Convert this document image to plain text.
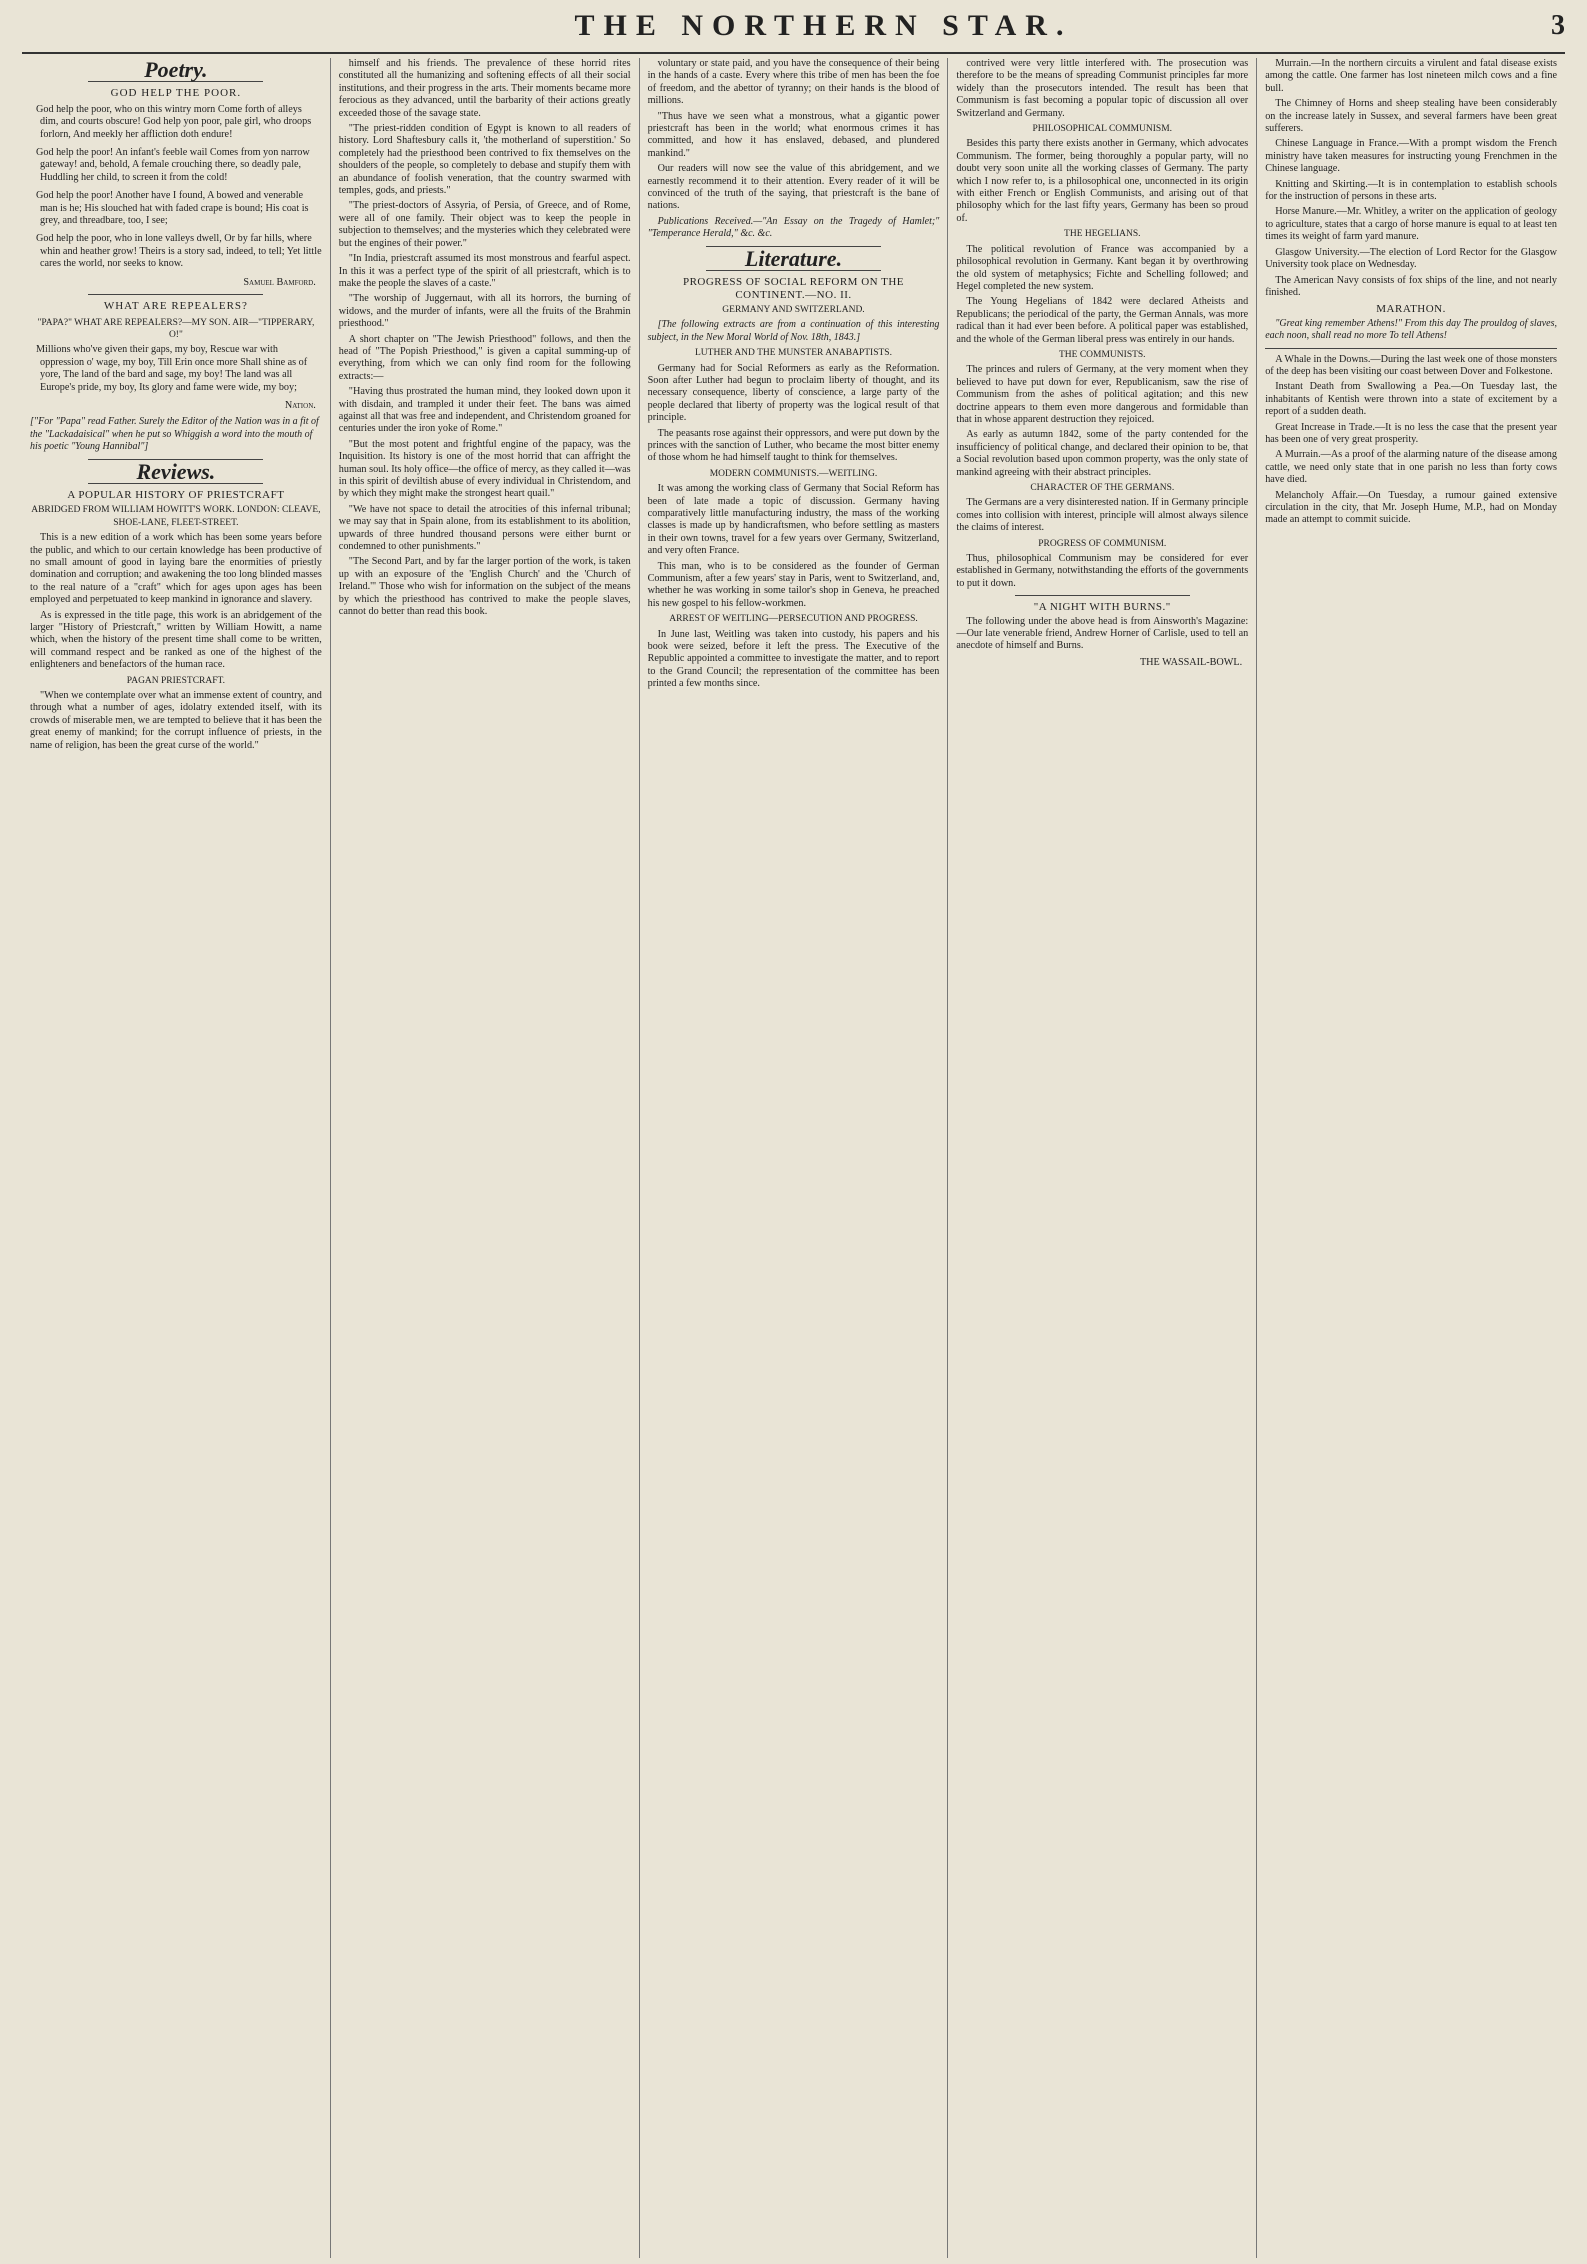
THE NORTHERN STAR.	3
Poetry.
GOD HELP THE POOR.

God help the poor, who on this wintry morn Come forth of alleys dim, and courts obscure! God help yon poor, pale girl, who droops forlorn, And meekly her affliction doth endure!

God help the poor! An infant's feeble wail Comes from yon narrow gateway! and, behold, A female crouching there, so deadly pale, Huddling her child, to screen it from the cold!

God help the poor! Another have I found, A bowed and venerable man is he; His slouched hat with faded crape is bound; His coat is grey, and threadbare, too, I see;

God help the poor, who in lone valleys dwell, Or by far hills, where whin and heather grow! Theirs is a story sad, indeed, to tell; Yet little cares the world, nor seeks to know.

Samuel Bamford.
WHAT ARE REPEALERS?
"PAPA?" WHAT ARE REPEALERS?—MY SON. AIR—"TIPPERARY, O!"

Millions who've given their gaps, my boy, Rescue war with oppression o' wage, my boy, Till Erin once more Shall shine as of yore, The land of the bard and sage, my boy! The land was all Europe's pride, my boy, Its glory and fame were wide, my boy;

Nation.
["For "Papa" read Father. Surely the Editor of the Nation was in a fit of the "Lackadaisical" when he put so Whiggish a word into the mouth of his poetic "Young Hannibal"]
Reviews.
A POPULAR HISTORY OF PRIESTCRAFT
ABRIDGED FROM WILLIAM HOWITT'S WORK. LONDON: CLEAVE, SHOE-LANE, FLEET-STREET.

This is a new edition of a work which has been some years before the public, and which to our certain knowledge has been productive of no small amount of good in laying bare the enormities of priestly domination and corruption; and awakening the too long blinded masses to the real nature of a "craft" which for ages upon ages has been employed and perpetuated to keep mankind in ignorance and slavery.

As is expressed in the title page, this work is an abridgement of the larger "History of Priestcraft," written by William Howitt, a name which, when the history of the present time shall come to be written, will command respect and be ranked as one of the highest of the enlighteners and benefactors of the human race.

PAGAN PRIESTCRAFT.

"When we contemplate over what an immense extent of country, and through what a number of ages, idolatry extended itself, with its crowds of miserable men, we are tempted to believe that it has been the great enemy of mankind; for the corrupt influence of priests, in the name of religion, has been the great curse of the world."

himself and his friends. The prevalence of these horrid rites constituted all the humanizing and softening effects of all their social institutions, and their progress in the arts. Their moments became more ferocious as they advanced, until the barbarity of their actions greatly exceeded those of the savage state.

"The priest-ridden condition of Egypt is known to all readers of history. Lord Shaftesbury calls it, 'the motherland of superstition.' So completely had the priesthood been contrived to fix themselves on the shoulders of the people, so completely to debase and stupify them with an abundance of foolish veneration, that the country swarmed with temples, gods, and priests."

"The priest-doctors of Assyria, of Persia, of Greece, and of Rome, were all of one family. Their object was to keep the people in subjection to themselves; and the mysteries which they celebrated were but the engines of their power."

"In India, priestcraft assumed its most monstrous and fearful aspect. In this it was a perfect type of the spirit of all priestcraft, which is to make the people the slaves of a caste."

"The worship of Juggernaut, with all its horrors, the burning of widows, and the murder of infants, were all the fruits of the Brahmin priesthood."

A short chapter on "The Jewish Priesthood" follows, and then the head of "The Popish Priesthood," is given a capital summing-up of everything, from which we can only find room for the following extracts:—

"Having thus prostrated the human mind, they looked down upon it with disdain, and trampled it under their feet. The bans was aimed against all that was free and independent, and Christendom groaned for centuries under the iron yoke of Rome."

"But the most potent and frightful engine of the papacy, was the Inquisition. Its history is one of the most horrid that can affright the human soul. Its holy office—the office of mercy, as they called it—was in this spirit of deviltish abuse of every individual in Christendom, and by which they might make the strongest heart quail."

"We have not space to detail the atrocities of this infernal tribunal; we may say that in Spain alone, from its establishment to its abolition, upwards of three hundred thousand persons were either burnt or condemned to other punishments."

"The Second Part, and by far the larger portion of the work, is taken up with an exposure of the 'English Church' and the 'Church of Ireland.'" Those who wish for information on the subject of the means by which the priesthood has contrived to make the people slaves, cannot do better than read this book.

voluntary or state paid, and you have the consequence of their being in the hands of a caste. Every where this tribe of men has been the foe of freedom, and the abettor of tyranny; on their hands is the blood of millions.

"Thus have we seen what a monstrous, what a gigantic power priestcraft has been in the world; what enormous crimes it has committed, and how it has enslaved, debased, and plundered mankind."

Our readers will now see the value of this abridgement, and we earnestly recommend it to their attention. Every reader of it will be convinced of the truth of the saying, that priestcraft is the bane of nations.

Publications Received.—"An Essay on the Tragedy of Hamlet;" "Temperance Herald," &c. &c.

Literature.
PROGRESS OF SOCIAL REFORM ON THE CONTINENT.—NO. II.
GERMANY AND SWITZERLAND.

[The following extracts are from a continuation of this interesting subject, in the New Moral World of Nov. 18th, 1843.]

LUTHER AND THE MUNSTER ANABAPTISTS.

Germany had for Social Reformers as early as the Reformation. Soon after Luther had begun to proclaim liberty of thought, and its necessary consequence, liberty of conscience, a large party of the people declared that liberty of property was the logical result of that principle.

The peasants rose against their oppressors, and were put down by the princes with the sanction of Luther, who became the most bitter enemy of those whom he had himself taught to think for themselves.

MODERN COMMUNISTS.—WEITLING.

It was among the working class of Germany that Social Reform has been of late made a topic of discussion. Germany having comparatively little manufacturing industry, the mass of the working classes is made up by handicraftsmen, who before settling as masters in their own towns, travel for a few years over Germany, Switzerland, and very often France.

This man, who is to be considered as the founder of German Communism, after a few years' stay in Paris, went to Switzerland, and, whether he was working in some tailor's shop in Geneva, he preached his new gospel to his fellow-workmen.

ARREST OF WEITLING—PERSECUTION AND PROGRESS.

In June last, Weitling was taken into custody, his papers and his book were seized, before it left the press. The Executive of the Republic appointed a committee to investigate the matter, and to report to the Grand Council; the representation of the committee has been printed a few months since.

contrived were very little interfered with. The prosecution was therefore to be the means of spreading Communist principles far more widely than the prosecutors intended. The result has been that Communism is fast becoming a popular topic of discussion all over Switzerland and Germany.

PHILOSOPHICAL COMMUNISM.

Besides this party there exists another in Germany, which advocates Communism. The former, being thoroughly a popular party, will no doubt very soon unite all the working classes of Germany. The party which I now refer to, is a philosophical one, unconnected in its origin with either French or English Communists, and arising out of that philosophy which for the last fifty years, Germany has been so proud of.

THE HEGELIANS.

The political revolution of France was accompanied by a philosophical revolution in Germany. Kant began it by overthrowing the old system of metaphysics; Fichte and Schelling followed; and Hegel completed the new system.

The Young Hegelians of 1842 were declared Atheists and Republicans; the periodical of the party, the German Annals, was more radical than it had ever been before. A political paper was established, and the whole of the German liberal press was entirely in our hands.

THE COMMUNISTS.

The princes and rulers of Germany, at the very moment when they believed to have put down for ever, Republicanism, saw the rise of Communism from the ashes of political agitation; and this new doctrine appears to them even more dangerous and formidable than that in whose apparent destruction they rejoiced.

As early as autumn 1842, some of the party contended for the insufficiency of political change, and declared their opinion to be, that a Social revolution based upon common property, was the only state of mankind agreeing with their abstract principles.

CHARACTER OF THE GERMANS.

The Germans are a very disinterested nation. If in Germany principle comes into collision with interest, principle will almost always silence the claims of interest.

PROGRESS OF COMMUNISM.

Thus, philosophical Communism may be considered for ever established in Germany, notwithstanding the efforts of the governments to put it down.

"A NIGHT WITH BURNS."

The following under the above head is from Ainsworth's Magazine:—Our late venerable friend, Andrew Horner of Carlisle, used to tell an anecdote of himself and Burns.

THE WASSAIL-BOWL.

Murrain.—In the northern circuits a virulent and fatal disease exists among the cattle. One farmer has lost nineteen milch cows and a fine bull.

The Chimney of Horns and sheep stealing have been considerably on the increase lately in Sussex, and several farmers have been great sufferers.

Chinese Language in France.—With a prompt wisdom the French ministry have taken measures for instructing young Frenchmen in the Chinese language.

Knitting and Skirting.—It is in contemplation to establish schools for the instruction of persons in these arts.

Horse Manure.—Mr. Whitley, a writer on the application of geology to agriculture, states that a cargo of horse manure is equal to at least ten times its weight of farm yard manure.

Glasgow University.—The election of Lord Rector for the Glasgow University took place on Wednesday.

The American Navy consists of fox ships of the line, and not nearly finished.

MARATHON.

"Great king remember Athens!" From this day The prouldog of slaves, each noon, shall read no more To tell Athens!

A Whale in the Downs.—During the last week one of those monsters of the deep has been visiting our coast between Dover and Folkestone.

Instant Death from Swallowing a Pea.—On Tuesday last, the inhabitants of Kentish were thrown into a state of excitement by a report of a sudden death.

Great Increase in Trade.—It is no less the case that the present year has been one of very great prosperity.

A Murrain.—As a proof of the alarming nature of the disease among cattle, we need only state that in one parish no less than forty cows have died.

Melancholy Affair.—On Tuesday, a rumour gained extensive circulation in the city, that Mr. Joseph Hume, M.P., had on Monday made an attempt to commit suicide.
